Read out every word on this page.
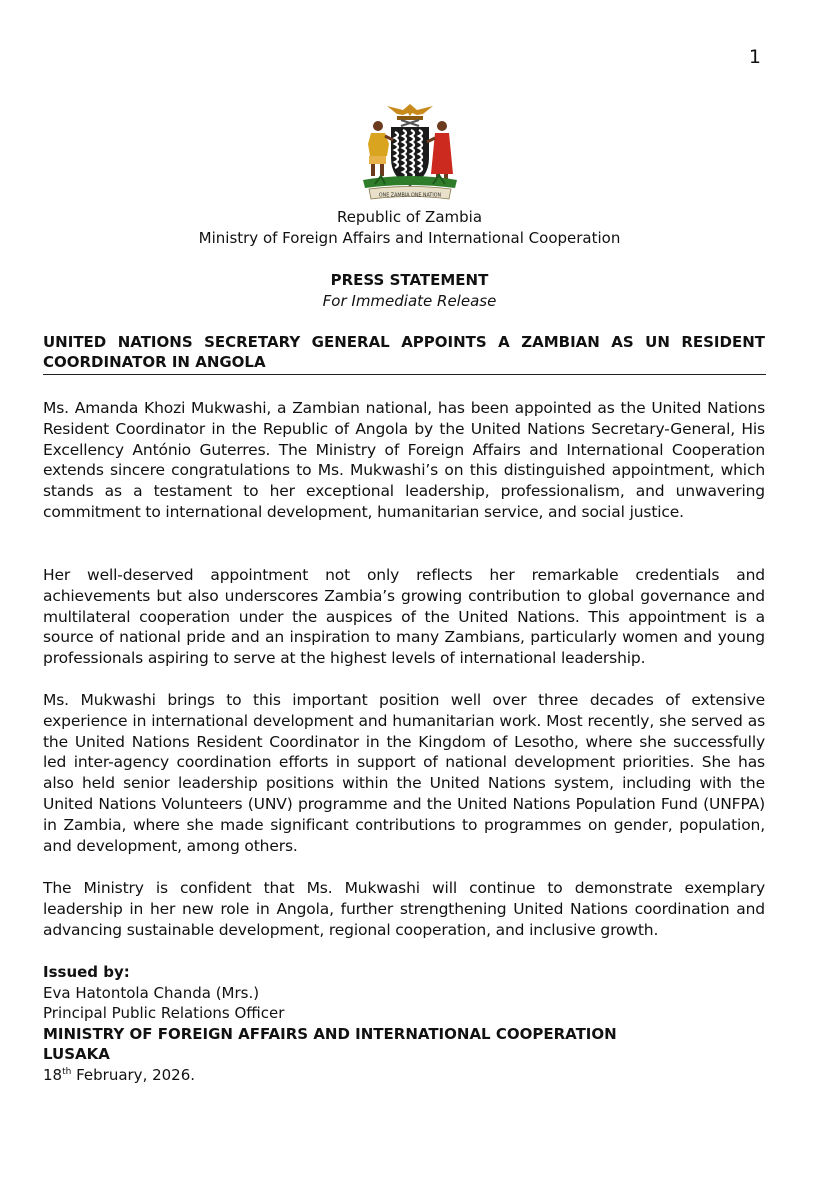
1
ONE ZAMBIA ONE NATION
Republic of Zambia
Ministry of Foreign Affairs and International Cooperation
PRESS STATEMENT
For Immediate Release
UNITED NATIONS SECRETARY GENERAL APPOINTS A ZAMBIAN AS UN RESIDENT COORDINATOR IN ANGOLA

Ms. Amanda Khozi Mukwashi, a Zambian national, has been appointed as the United Nations Resident Coordinator in the Republic of Angola by the United Nations Secretary-General, His Excellency António Guterres. The Ministry of Foreign Affairs and International Cooperation extends sincere congratulations to Ms. Mukwashi’s on this distinguished appointment, which stands as a testament to her exceptional leadership, professionalism, and unwavering commitment to international development, humanitarian service, and social justice.

Her well-deserved appointment not only reflects her remarkable credentials and achievements but also underscores Zambia’s growing contribution to global governance and multilateral cooperation under the auspices of the United Nations. This appointment is a source of national pride and an inspiration to many Zambians, particularly women and young professionals aspiring to serve at the highest levels of international leadership.

Ms. Mukwashi brings to this important position well over three decades of extensive experience in international development and humanitarian work. Most recently, she served as the United Nations Resident Coordinator in the Kingdom of Lesotho, where she successfully led inter-agency coordination efforts in support of national development priorities. She has also held senior leadership positions within the United Nations system, including with the United Nations Volunteers (UNV) programme and the United Nations Population Fund (UNFPA) in Zambia, where she made significant contributions to programmes on gender, population, and development, among others.

The Ministry is confident that Ms. Mukwashi will continue to demonstrate exemplary leadership in her new role in Angola, further strengthening United Nations coordination and advancing sustainable development, regional cooperation, and inclusive growth.

Issued by:
Eva Hatontola Chanda (Mrs.)
Principal Public Relations Officer
MINISTRY OF FOREIGN AFFAIRS AND INTERNATIONAL COOPERATION
LUSAKA
18th February, 2026.
